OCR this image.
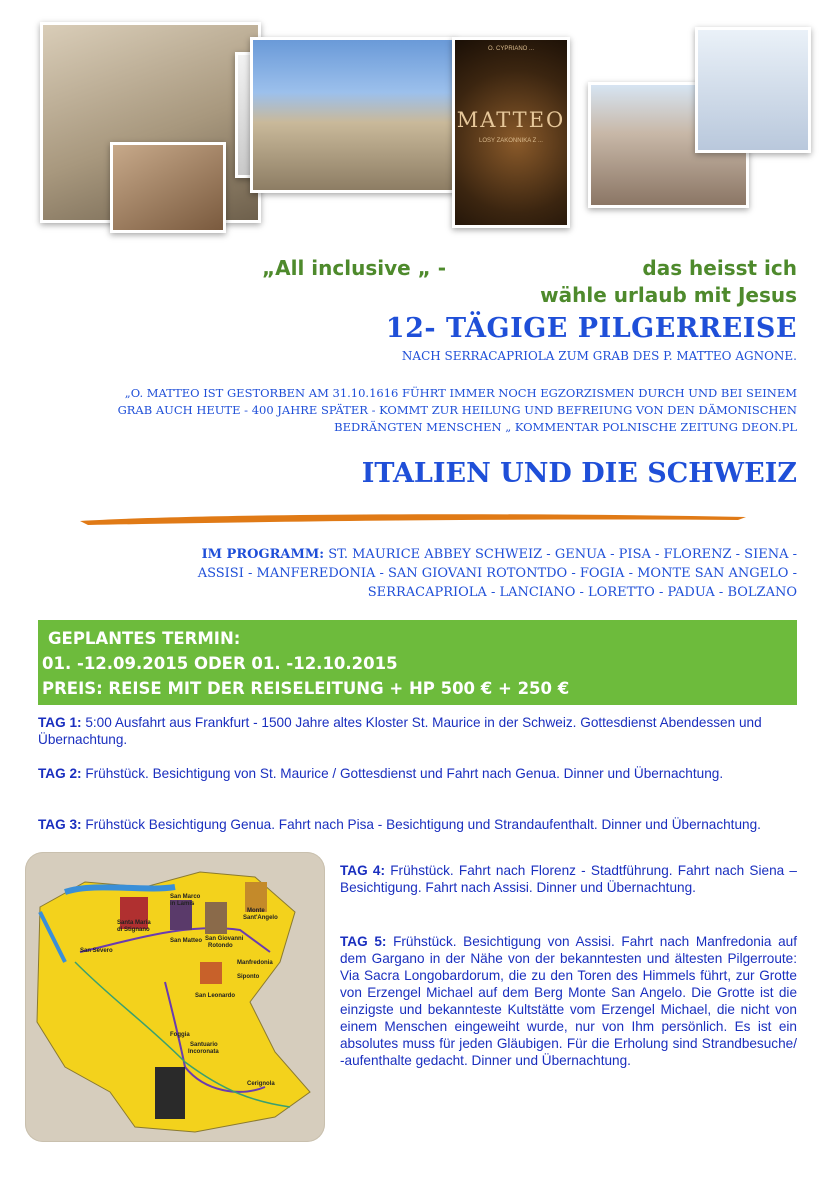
O. CYPRIANO ...
MATTEO
LOSY ZAKONNIKA Z ...
„All inclusive „ -	das heisst ich
wähle urlaub mit Jesus
12- TÄGIGE PILGERREISE
NACH SERRACAPRIOLA ZUM GRAB DES P. MATTEO AGNONE.
„O. MATTEO IST GESTORBEN AM 31.10.1616 FÜHRT IMMER NOCH EGZORZISMEN DURCH UND BEI SEINEM
GRAB AUCH HEUTE - 400 JAHRE SPÄTER - KOMMT ZUR HEILUNG UND BEFREIUNG VON DEN DÄMONISCHEN
BEDRÄNGTEN MENSCHEN „ KOMMENTAR POLNISCHE ZEITUNG DEON.PL
ITALIEN UND DIE SCHWEIZ
IM PROGRAMM: ST. MAURICE ABBEY SCHWEIZ - GENUA - PISA - FLORENZ - SIENA -
ASSISI - MANFEREDONIA - SAN GIOVANI ROTONTDO - FOGIA - MONTE SAN ANGELO -
SERRACAPRIOLA - LANCIANO - LORETTO - PADUA - BOLZANO
GEPLANTES TERMIN:
01. -12.09.2015 ODER 01. -12.10.2015
PREIS: REISE MIT DER REISELEITUNG + HP 500 € + 250 €
TAG 1: 5:00 Ausfahrt aus Frankfurt - 1500 Jahre altes Kloster St. Maurice in der Schweiz. Gottesdienst Abendessen und Übernachtung.
TAG 2: Frühstück. Besichtigung von St. Maurice / Gottesdienst und Fahrt nach Genua. Dinner und Übernachtung.
TAG 3: Frühstück Besichtigung Genua. Fahrt nach Pisa - Besichtigung und Strandaufenthalt. Dinner und Übernachtung.
TAG 4: Frühstück. Fahrt nach Florenz - Stadtführung. Fahrt nach Siena – Besichtigung. Fahrt nach Assisi. Dinner und Übernachtung.
TAG 5: Frühstück. Besichtigung von Assisi. Fahrt nach Manfredonia auf dem Gargano in der Nähe von der bekanntesten und ältesten Pilgerroute: Via Sacra Longobardorum, die zu den Toren des Himmels führt, zur Grotte von Erzengel Michael auf dem Berg Monte San Angelo. Die Grotte ist die einzigste und bekannteste Kultstätte vom Erzengel Michael, die nicht von einem Menschen eingeweiht wurde, nur von Ihm persönlich. Es ist ein absolutes muss für jeden Gläubigen. Für die Erholung sind Strandbesuche/ -aufenthalte gedacht. Dinner und Übernachtung.
Santa Maria
di Stignano
San Marco
in Lamis
San Severo
San Matteo San Giovanni
Rotondo
Monte
Sant'Angelo
Manfredonia
Siponto
San Leonardo
Foggia
Santuario
Incoronata
Cerignola
